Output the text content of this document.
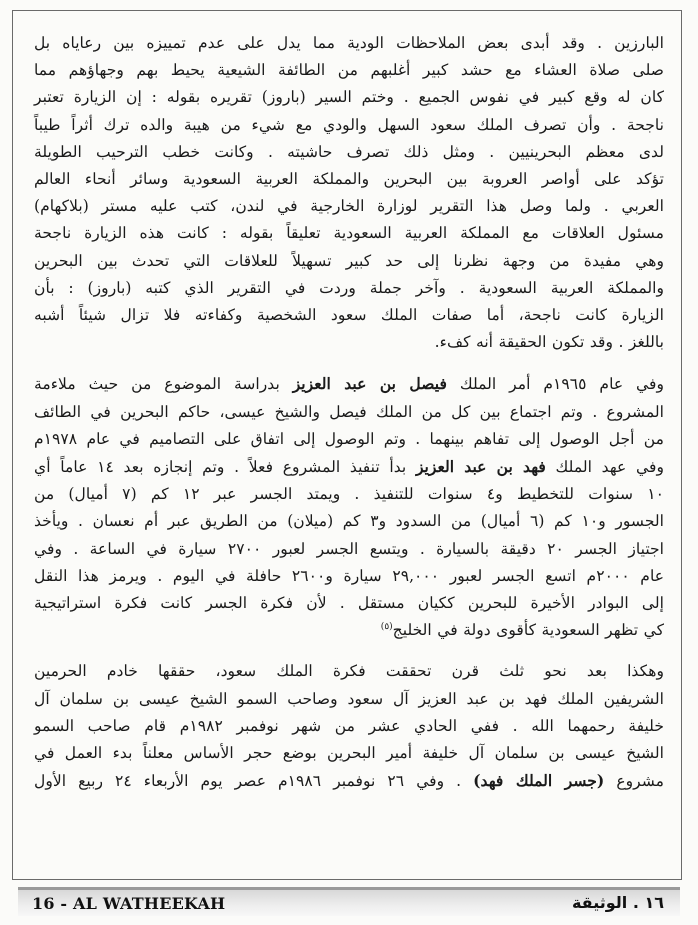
البارزين . وقد أبدى بعض الملاحظات الودية مما يدل على عدم تمييزه بين رعاياه بل
صلى صلاة العشاء مع حشد كبير أغلبهم من الطائفة الشيعية يحيط بهم وجهاؤهم مما
كان له وقع كبير في نفوس الجميع . وختم السير (باروز) تقريره بقوله : إن الزيارة تعتبر
ناجحة . وأن تصرف الملك سعود السهل والودي مع شيء من هيبة والده ترك أثراً طيباً
لدى معظم البحرينيين . ومثل ذلك تصرف حاشيته . وكانت خطب الترحيب الطويلة
تؤكد على أواصر العروبة بين البحرين والمملكة العربية السعودية وسائر أنحاء العالم
العربي . ولما وصل هذا التقرير لوزارة الخارجية في لندن، كتب عليه مستر (بلاكهام)
مسئول العلاقات مع المملكة العربية السعودية تعليقاً بقوله : كانت هذه الزيارة ناجحة
وهي مفيدة من وجهة نظرنا إلى حد كبير تسهيلاً للعلاقات التي تحدث بين البحرين
والمملكة العربية السعودية . وآخر جملة وردت في التقرير الذي كتبه (باروز) : بأن
الزيارة كانت ناجحة، أما صفات الملك سعود الشخصية وكفاءته فلا تزال شيئاً أشبه
باللغز . وقد تكون الحقيقة أنه كفء.
وفي عام ١٩٦٥م أمر الملك فيصل بن عبد العزيز بدراسة الموضوع من حيث ملاءمة
المشروع . وتم اجتماع بين كل من الملك فيصل والشيخ عيسى، حاكم البحرين في الطائف
من أجل الوصول إلى تفاهم بينهما . وتم الوصول إلى اتفاق على التصاميم في عام ١٩٧٨م
وفي عهد الملك فهد بن عبد العزيز بدأ تنفيذ المشروع فعلاً . وتم إنجازه بعد ١٤ عاماً أي
١٠ سنوات للتخطيط و٤ سنوات للتنفيذ . ويمتد الجسر عبر ١٢ كم (٧ أميال) من
الجسور و١٠ كم (٦ أميال) من السدود و٣ كم (ميلان) من الطريق عبر أم نعسان . ويأخذ
اجتياز الجسر ٢٠ دقيقة بالسيارة . ويتسع الجسر لعبور ٢٧٠٠ سيارة في الساعة . وفي
عام ٢٠٠٠م اتسع الجسر لعبور ٢٩,٠٠٠ سيارة و٢٦٠٠ حافلة في اليوم . ويرمز هذا النقل
إلى البوادر الأخيرة للبحرين ككيان مستقل . لأن فكرة الجسر كانت فكرة استراتيجية
كي تظهر السعودية كأقوى دولة في الخليج$^{(٥)}$
وهكذا بعد نحو ثلث قرن تحققت فكرة الملك سعود، حققها خادم الحرمين
الشريفين الملك فهد بن عبد العزيز آل سعود وصاحب السمو الشيخ عيسى بن سلمان آل
خليفة رحمهما الله . ففي الحادي عشر من شهر نوفمبر ١٩٨٢م قام صاحب السمو
الشيخ عيسى بن سلمان آل خليفة أمير البحرين بوضع حجر الأساس معلناً بدء العمل في
مشروع (جسر الملك فهد) . وفي ٢٦ نوفمبر ١٩٨٦م عصر يوم الأربعاء ٢٤ ربيع الأول
16 - AL WATHEEKAH	١٦ . الوثيقة
